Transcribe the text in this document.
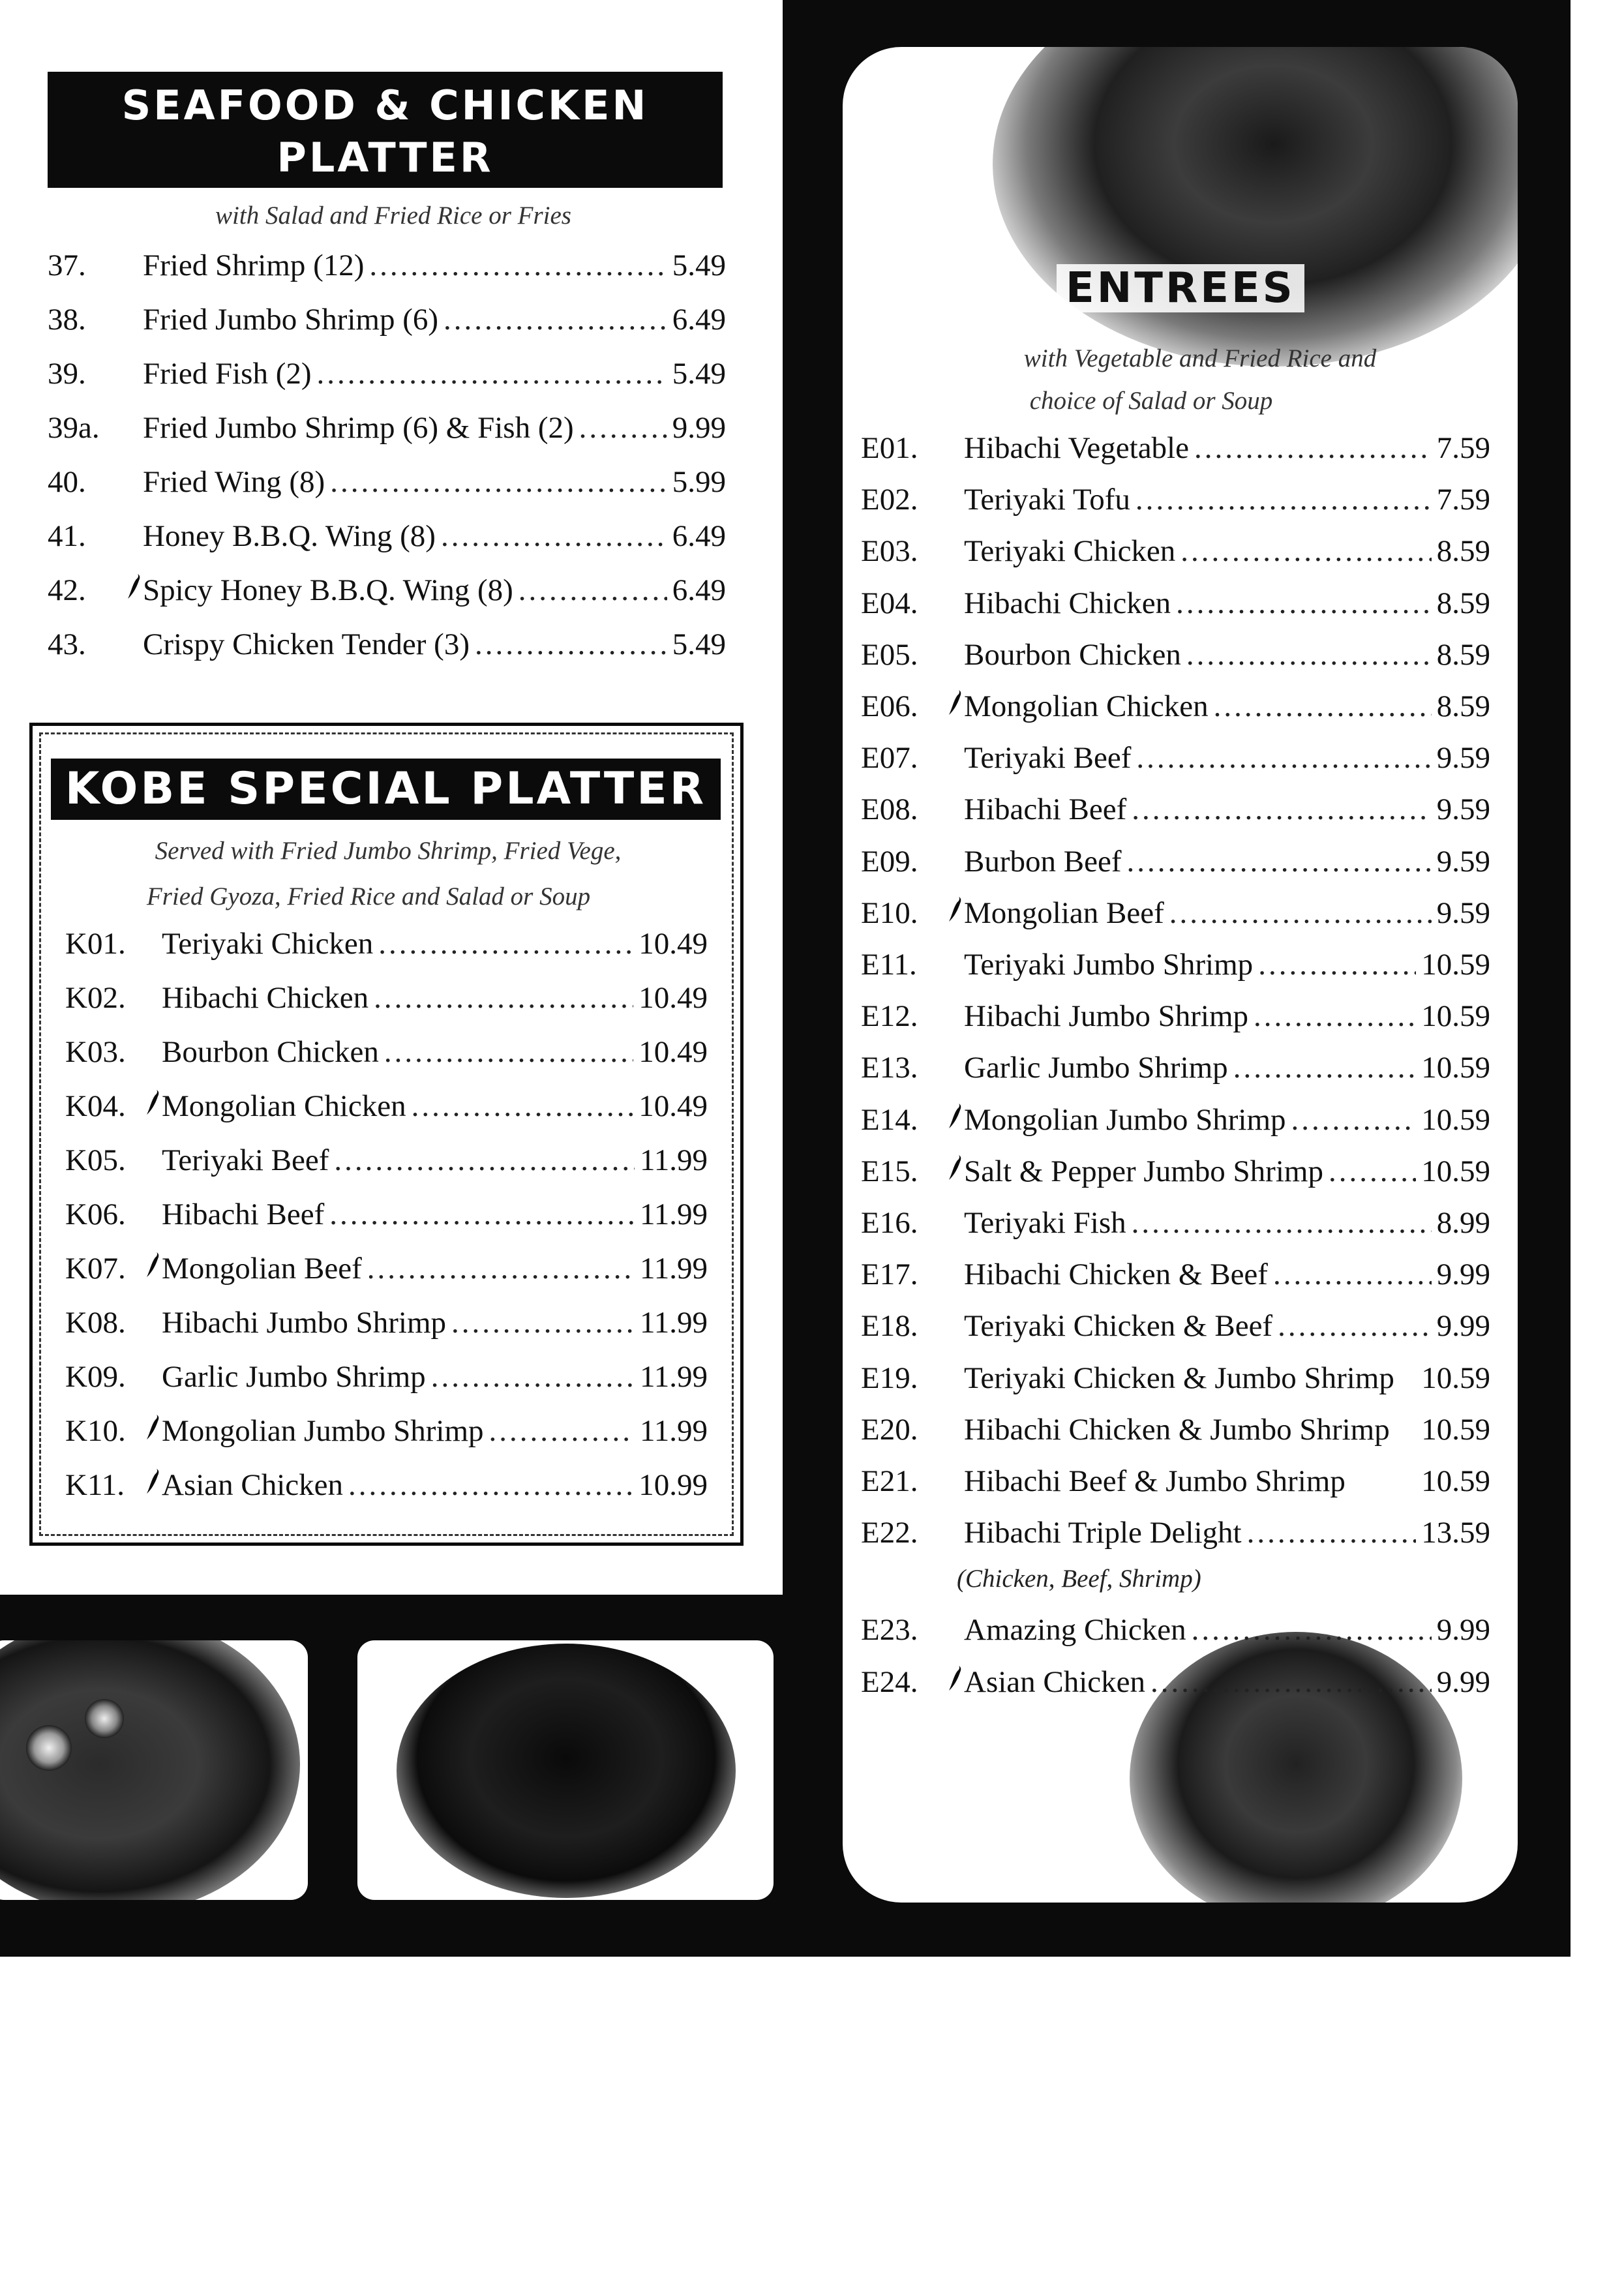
SEAFOOD & CHICKEN
PLATTER
with Salad and Fried Rice or Fries
37.	Fried Shrimp (12) .....	5.49
38.	Fried Jumbo Shrimp (6) .....	6.49
39.	Fried Fish (2) .....	5.49
39a.	Fried Jumbo Shrimp (6) & Fish (2) .....	9.99
40.	Fried Wing (8) .....	5.99
41.	Honey B.B.Q. Wing (8) .....	6.49
42.	Spicy Honey B.B.Q. Wing (8) .....	6.49
43.	Crispy Chicken Tender (3) .....	5.49
KOBE SPECIAL PLATTER
Served with Fried Jumbo Shrimp, Fried Vege,
Fried Gyoza, Fried Rice and Salad or Soup
K01.	Teriyaki Chicken .....	10.49
K02.	Hibachi Chicken .....	10.49
K03.	Bourbon Chicken .....	10.49
K04.	Mongolian Chicken .....	10.49
K05.	Teriyaki Beef .....	11.99
K06.	Hibachi Beef .....	11.99
K07.	Mongolian Beef .....	11.99
K08.	Hibachi Jumbo Shrimp .....	11.99
K09.	Garlic Jumbo Shrimp .....	11.99
K10.	Mongolian Jumbo Shrimp .....	11.99
K11.	Asian Chicken .....	10.99
ENTREES
with Vegetable and Fried Rice and
choice of Salad or Soup
E01.	Hibachi Vegetable .....	7.59
E02.	Teriyaki Tofu .....	7.59
E03.	Teriyaki Chicken .....	8.59
E04.	Hibachi Chicken .....	8.59
E05.	Bourbon Chicken .....	8.59
E06.	Mongolian Chicken .....	8.59
E07.	Teriyaki Beef .....	9.59
E08.	Hibachi Beef .....	9.59
E09.	Burbon Beef .....	9.59
E10.	Mongolian Beef .....	9.59
E11.	Teriyaki Jumbo Shrimp .....	10.59
E12.	Hibachi Jumbo Shrimp .....	10.59
E13.	Garlic Jumbo Shrimp .....	10.59
E14.	Mongolian Jumbo Shrimp .....	10.59
E15.	Salt & Pepper Jumbo Shrimp .....	10.59
E16.	Teriyaki Fish .....	8.99
E17.	Hibachi Chicken & Beef .....	9.99
E18.	Teriyaki Chicken & Beef .....	9.99
E19.	Teriyaki Chicken & Jumbo Shrimp 10.59
E20.	Hibachi Chicken & Jumbo Shrimp 10.59
E21.	Hibachi Beef & Jumbo Shrimp 10.59
E22.	Hibachi Triple Delight .....	13.59
E23.	Amazing Chicken .....	9.99
E24.	Asian Chicken .....	9.99
(Chicken, Beef, Shrimp)
